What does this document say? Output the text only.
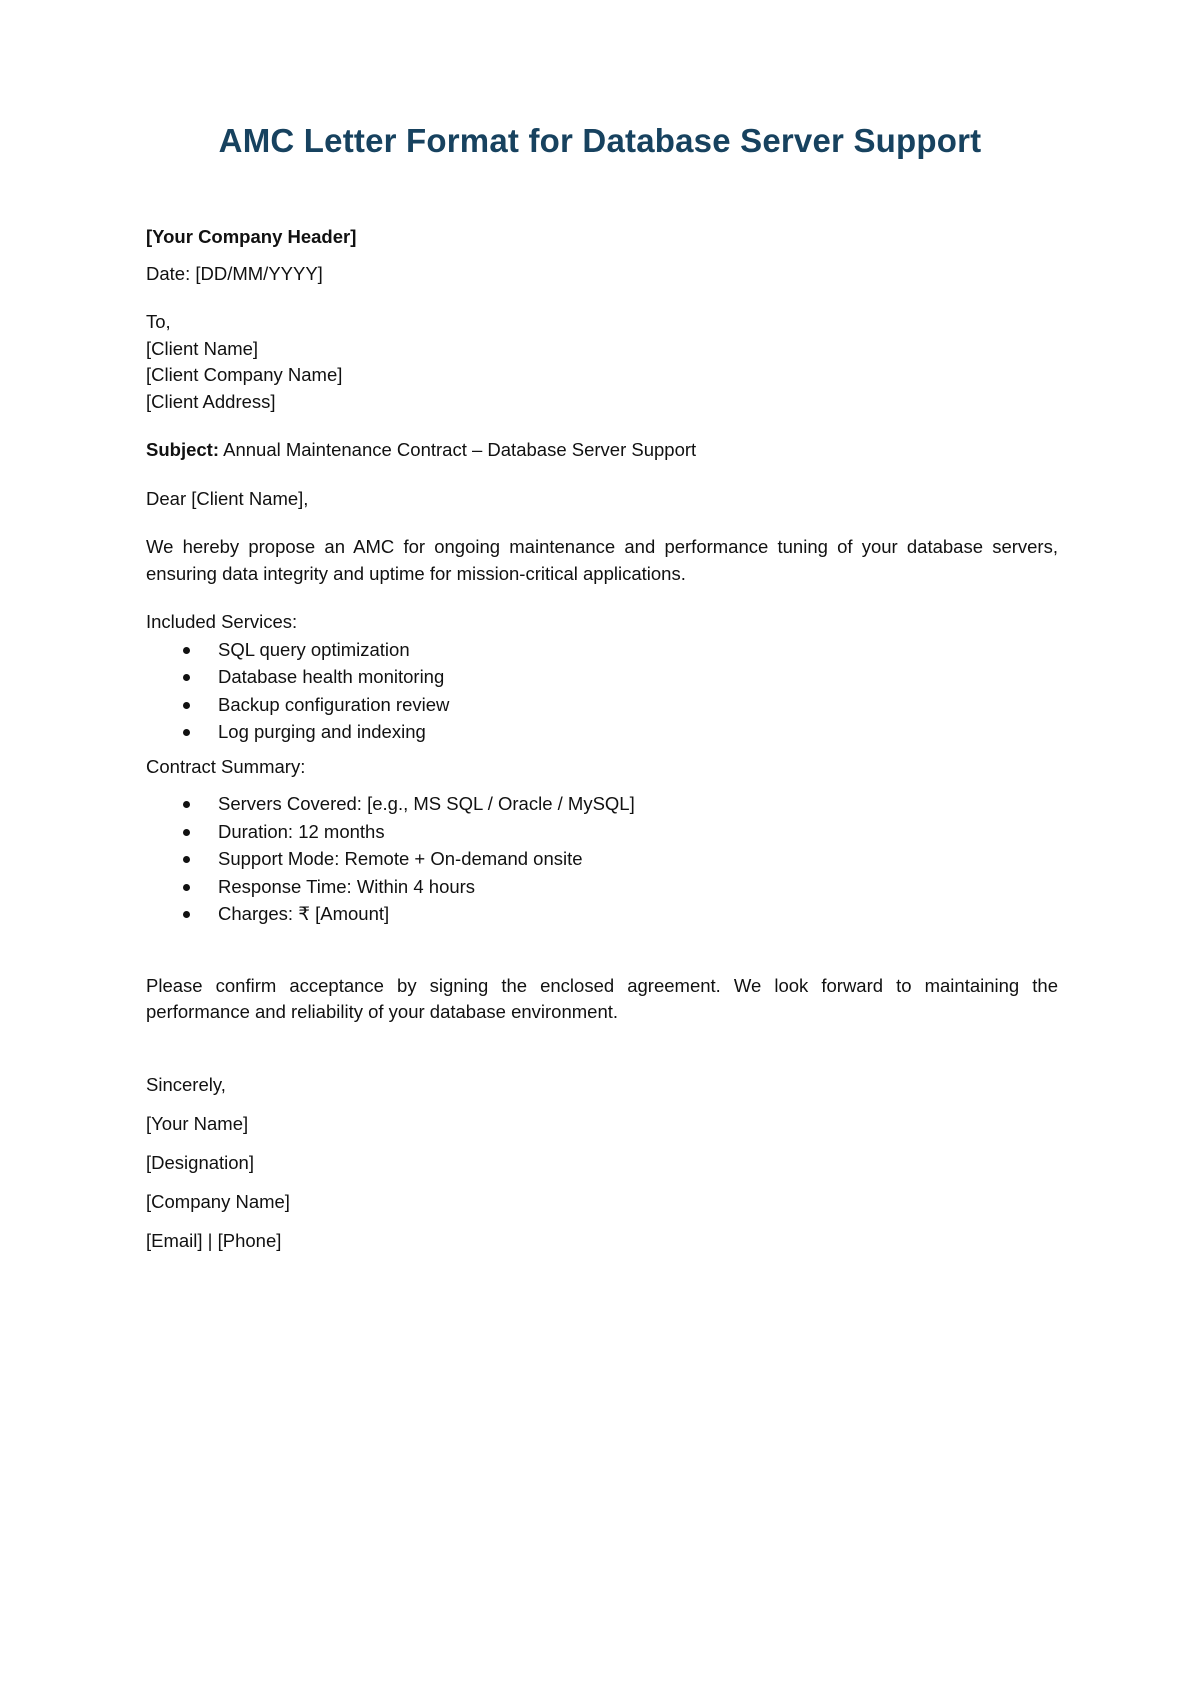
AMC Letter Format for Database Server Support

[Your Company Header]

Date: [DD/MM/YYYY]

To,

[Client Name]

[Client Company Name]

[Client Address]

Subject: Annual Maintenance Contract – Database Server Support

Dear [Client Name],

We hereby propose an AMC for ongoing maintenance and performance tuning of your database servers, ensuring data integrity and uptime for mission-critical applications.

Included Services:

SQL query optimization
Database health monitoring
Backup configuration review
Log purging and indexing

Contract Summary:

Servers Covered: [e.g., MS SQL / Oracle / MySQL]
Duration: 12 months
Support Mode: Remote + On-demand onsite
Response Time: Within 4 hours
Charges: ₹ [Amount]

Please confirm acceptance by signing the enclosed agreement. We look forward to maintaining the performance and reliability of your database environment.

Sincerely,

[Your Name]

[Designation]

[Company Name]

[Email] | [Phone]
